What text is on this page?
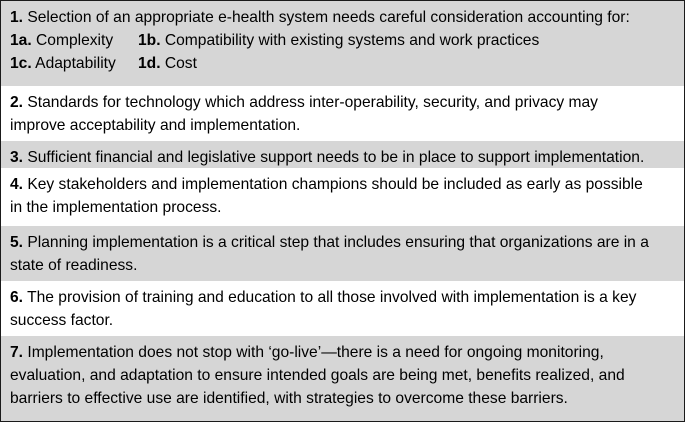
1. Selection of an appropriate e-health system needs careful consideration accounting for:
1a. Complexity 1b. Compatibility with existing systems and work practices
1c. Adaptability 1d. Cost
2. Standards for technology which address inter-operability, security, and privacy may
improve acceptability and implementation.
3. Sufficient financial and legislative support needs to be in place to support implementation.
4. Key stakeholders and implementation champions should be included as early as possible
in the implementation process.
5. Planning implementation is a critical step that includes ensuring that organizations are in a
state of readiness.
6. The provision of training and education to all those involved with implementation is a key
success factor.
7. Implementation does not stop with ‘go-live’—there is a need for ongoing monitoring,
evaluation, and adaptation to ensure intended goals are being met, benefits realized, and
barriers to effective use are identified, with strategies to overcome these barriers.
